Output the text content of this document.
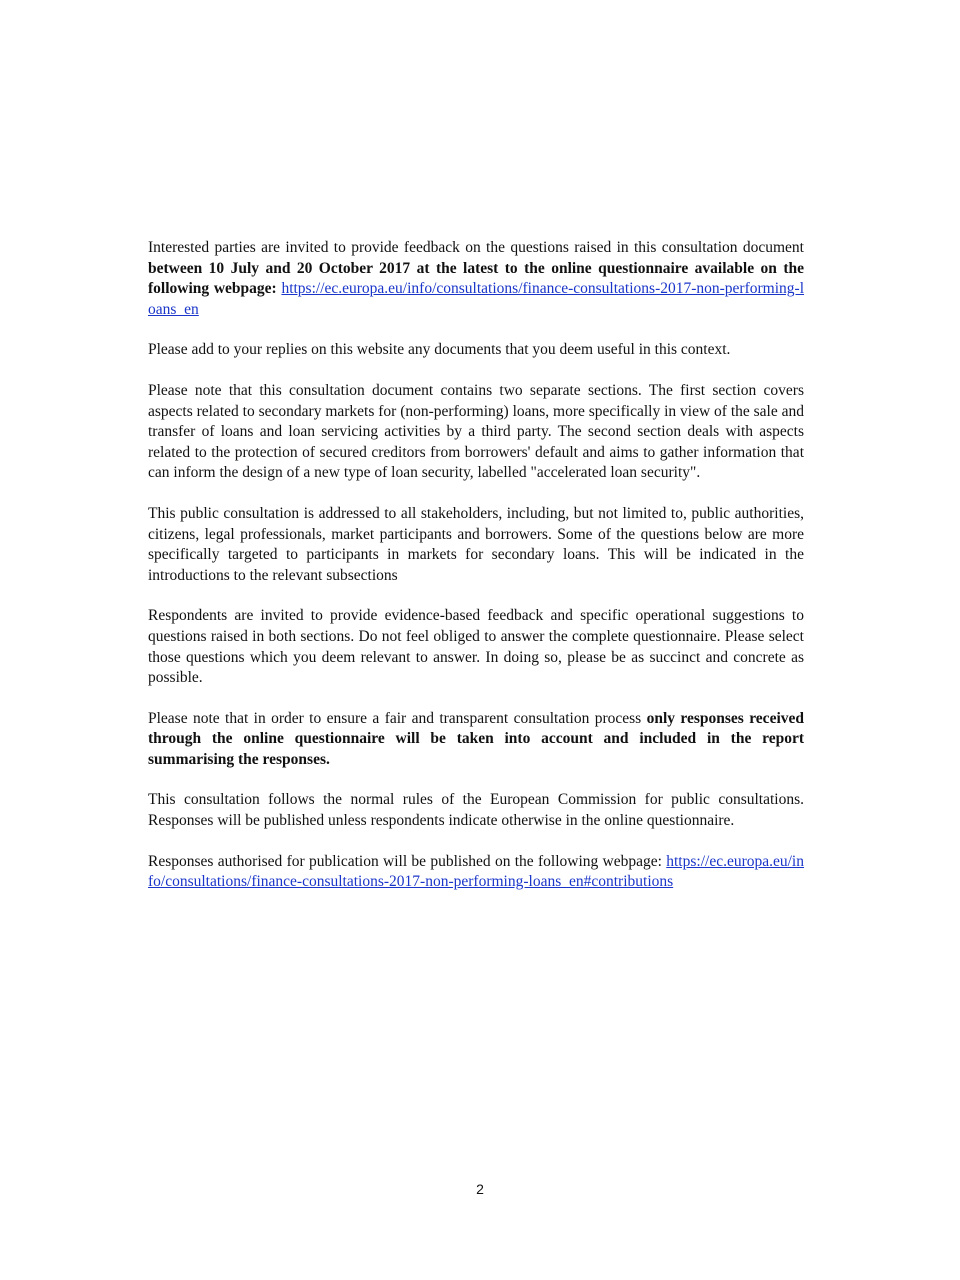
Interested parties are invited to provide feedback on the questions raised in this consultation document between 10 July and 20 October 2017 at the latest to the online questionnaire available on the following webpage: https://ec.europa.eu/info/consultations/finance-consultations-2017-non-performing-loans_en

Please add to your replies on this website any documents that you deem useful in this context.

Please note that this consultation document contains two separate sections. The first section covers aspects related to secondary markets for (non-performing) loans, more specifically in view of the sale and transfer of loans and loan servicing activities by a third party. The second section deals with aspects related to the protection of secured creditors from borrowers' default and aims to gather information that can inform the design of a new type of loan security, labelled "accelerated loan security".

This public consultation is addressed to all stakeholders, including, but not limited to, public authorities, citizens, legal professionals, market participants and borrowers. Some of the questions below are more specifically targeted to participants in markets for secondary loans. This will be indicated in the introductions to the relevant subsections

Respondents are invited to provide evidence-based feedback and specific operational suggestions to questions raised in both sections. Do not feel obliged to answer the complete questionnaire. Please select those questions which you deem relevant to answer. In doing so, please be as succinct and concrete as possible.

Please note that in order to ensure a fair and transparent consultation process only responses received through the online questionnaire will be taken into account and included in the report summarising the responses.

This consultation follows the normal rules of the European Commission for public consultations. Responses will be published unless respondents indicate otherwise in the online questionnaire.

Responses authorised for publication will be published on the following webpage: https://ec.europa.eu/info/consultations/finance-consultations-2017-non-performing-loans_en#contributions

2
